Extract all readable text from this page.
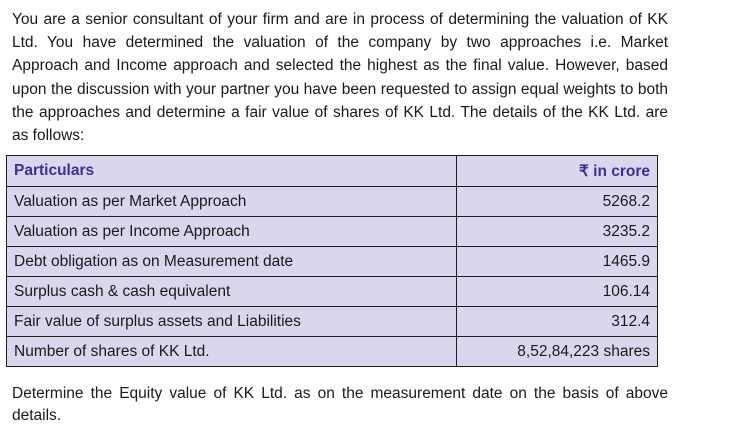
You are a senior consultant of your firm and are in process of determining the valuation of KK Ltd. You have determined the valuation of the company by two approaches i.e. Market Approach and Income approach and selected the highest as the final value. However, based upon the discussion with your partner you have been requested to assign equal weights to both the approaches and determine a fair value of shares of KK Ltd. The details of the KK Ltd. are as follows:

Particulars	₹ in crore
Valuation as per Market Approach	5268.2
Valuation as per Income Approach	3235.2
Debt obligation as on Measurement date	1465.9
Surplus cash & cash equivalent	106.14
Fair value of surplus assets and Liabilities	312.4
Number of shares of KK Ltd.	8,52,84,223 shares

Determine the Equity value of KK Ltd. as on the measurement date on the basis of above details.
